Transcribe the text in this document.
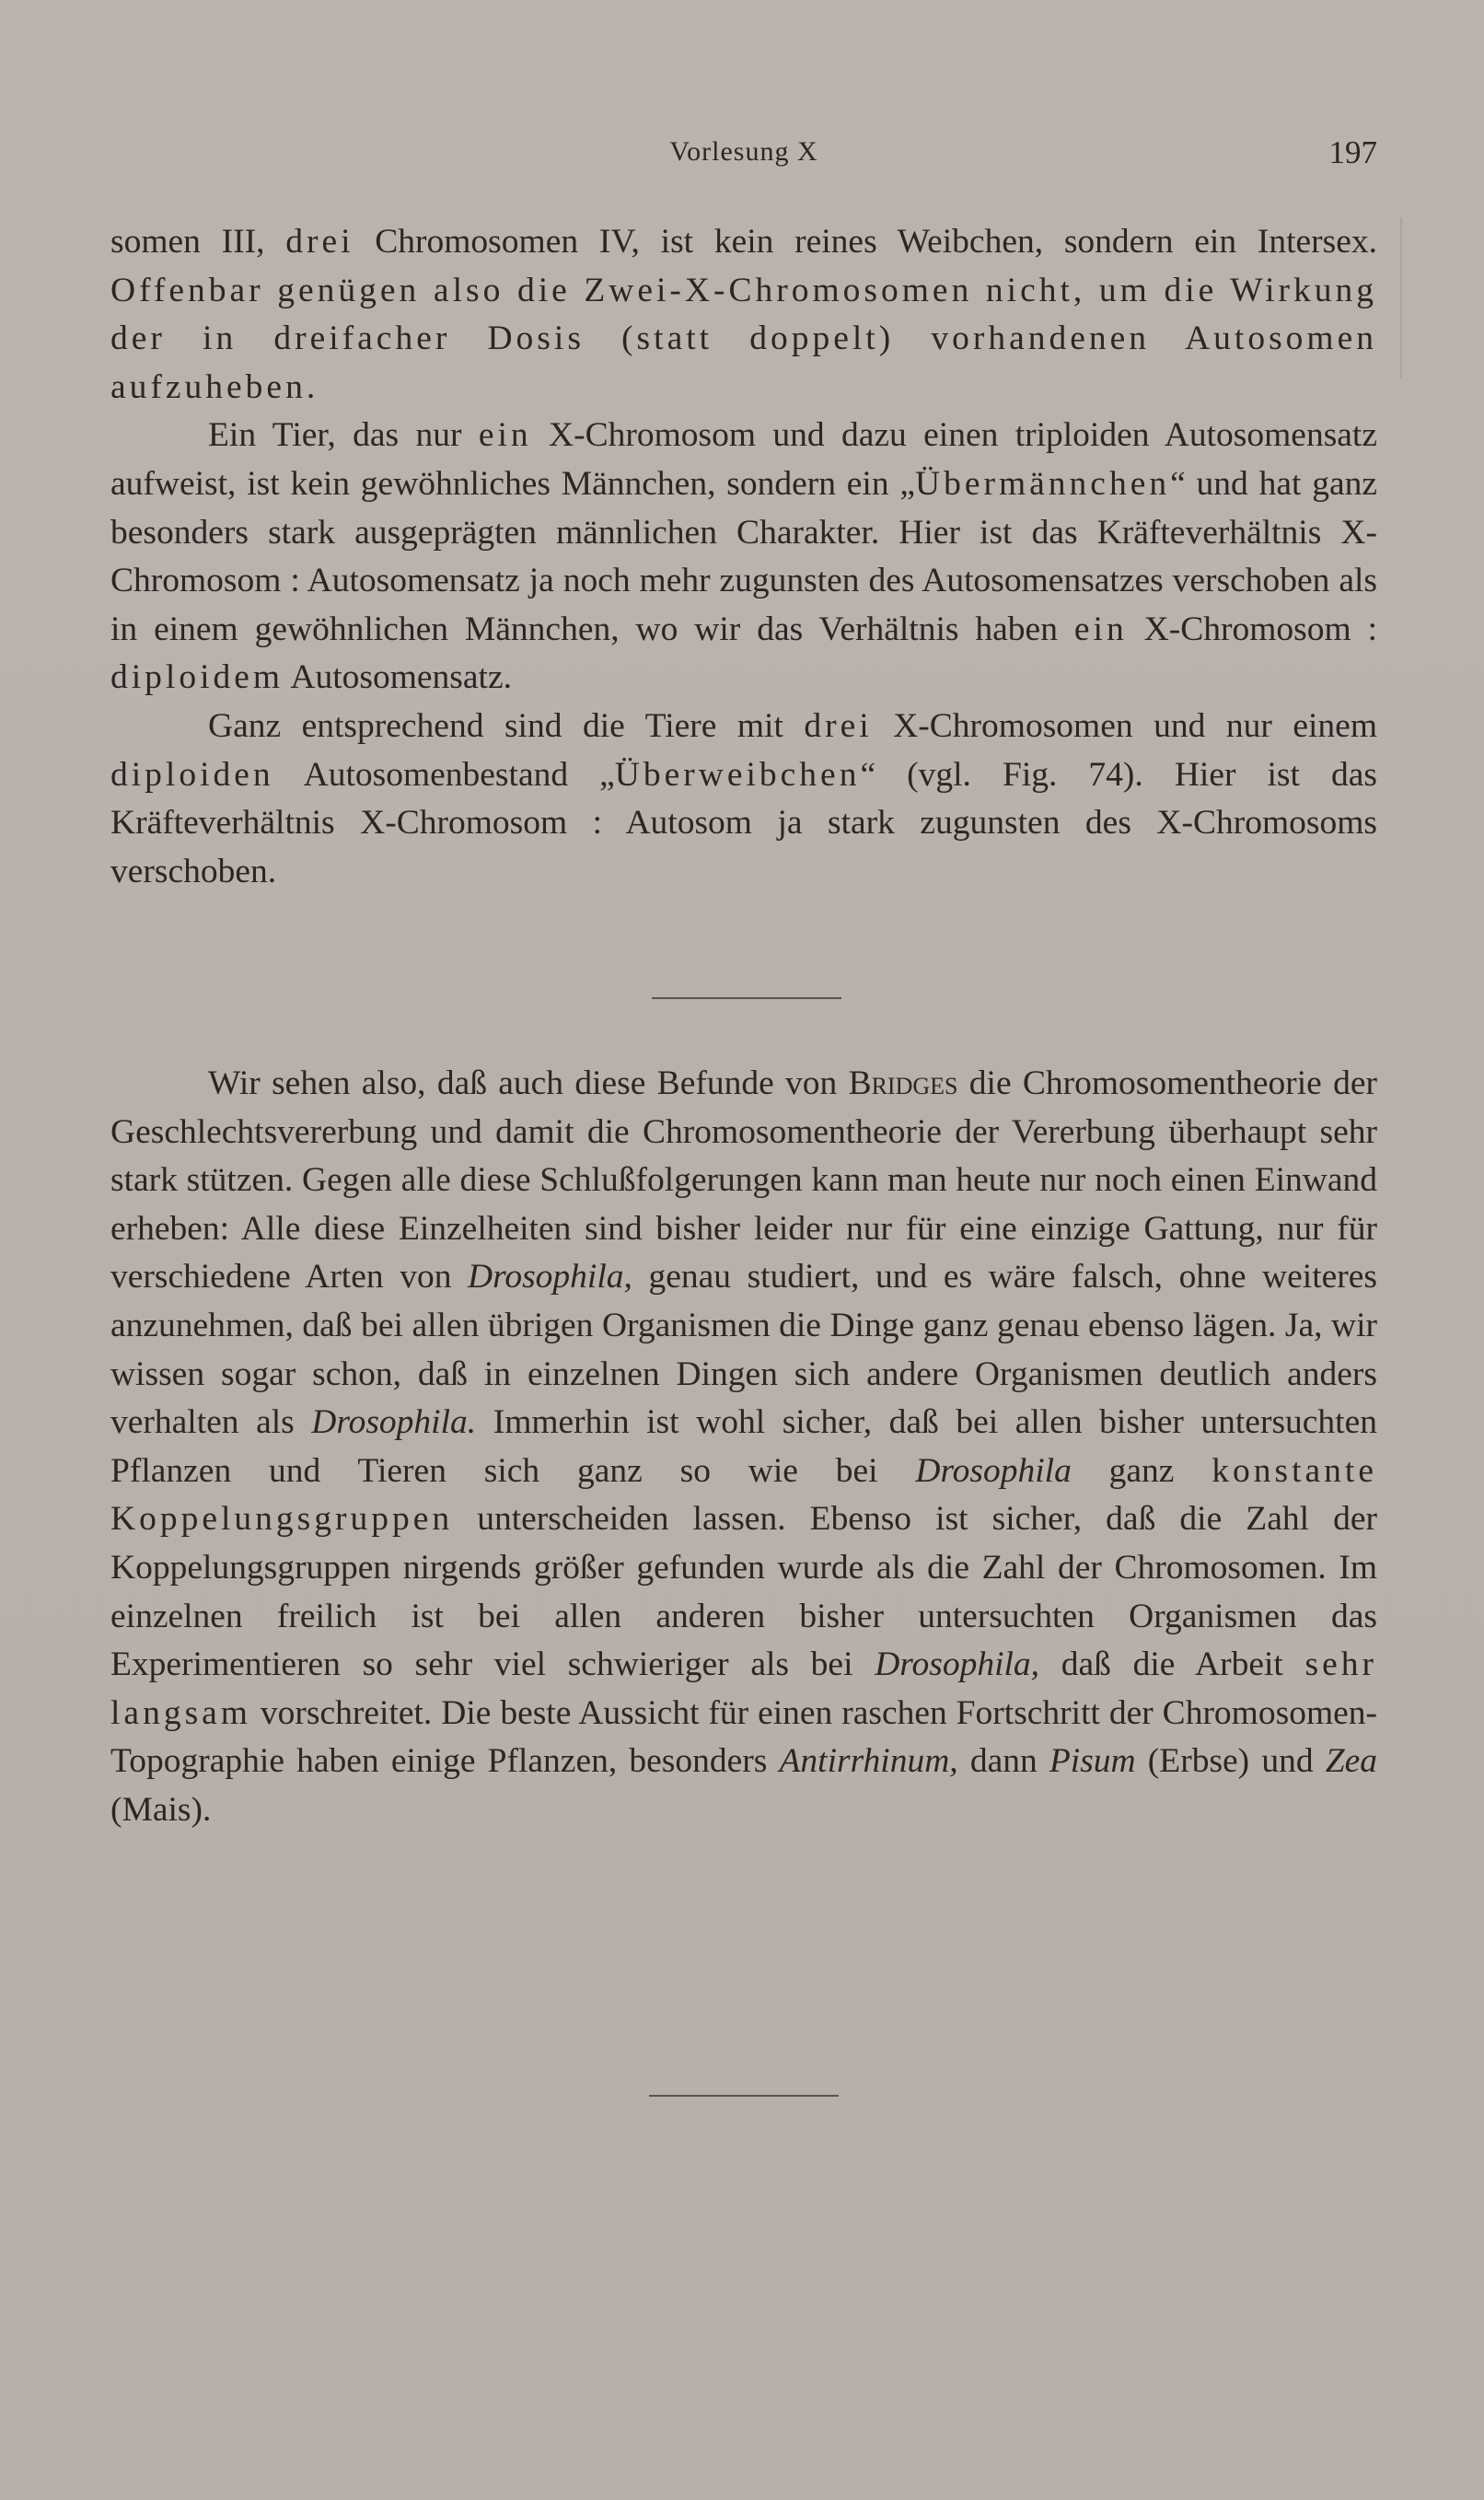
Vorlesung X	197

somen III, drei Chromosomen IV, ist kein reines Weibchen, sondern ein Intersex. Offenbar genügen also die Zwei-X-Chromosomen nicht, um die Wirkung der in dreifacher Dosis (statt doppelt) vorhandenen Autosomen aufzuheben.

Ein Tier, das nur ein X-Chromosom und dazu einen triploiden Autosomensatz aufweist, ist kein gewöhnliches Männchen, sondern ein „Übermännchen“ und hat ganz besonders stark ausgeprägten männlichen Charakter. Hier ist das Kräfteverhältnis X-Chromosom : Autosomensatz ja noch mehr zugunsten des Autosomensatzes verschoben als in einem gewöhnlichen Männchen, wo wir das Verhältnis haben ein X-Chromosom : diploidem Autosomensatz.

Ganz entsprechend sind die Tiere mit drei X-Chromosomen und nur einem diploiden Autosomenbestand „Überweibchen“ (vgl. Fig. 74). Hier ist das Kräfteverhältnis X-Chromosom : Autosom ja stark zugunsten des X-Chromosoms verschoben.

Wir sehen also, daß auch diese Befunde von Bridges die Chromosomentheorie der Geschlechtsvererbung und damit die Chromosomentheorie der Vererbung überhaupt sehr stark stützen. Gegen alle diese Schlußfolgerungen kann man heute nur noch einen Einwand erheben: Alle diese Einzelheiten sind bisher leider nur für eine einzige Gattung, nur für verschiedene Arten von Drosophila, genau studiert, und es wäre falsch, ohne weiteres anzunehmen, daß bei allen übrigen Organismen die Dinge ganz genau ebenso lägen. Ja, wir wissen sogar schon, daß in einzelnen Dingen sich andere Organismen deutlich anders verhalten als Drosophila. Immerhin ist wohl sicher, daß bei allen bisher untersuchten Pflanzen und Tieren sich ganz so wie bei Drosophila ganz konstante Koppelungsgruppen unterscheiden lassen. Ebenso ist sicher, daß die Zahl der Koppelungsgruppen nirgends größer gefunden wurde als die Zahl der Chromosomen. Im einzelnen freilich ist bei allen anderen bisher untersuchten Organismen das Experimentieren so sehr viel schwieriger als bei Drosophila, daß die Arbeit sehr langsam vorschreitet. Die beste Aussicht für einen raschen Fortschritt der Chromosomen-Topographie haben einige Pflanzen, besonders Antirrhinum, dann Pisum (Erbse) und Zea (Mais).
